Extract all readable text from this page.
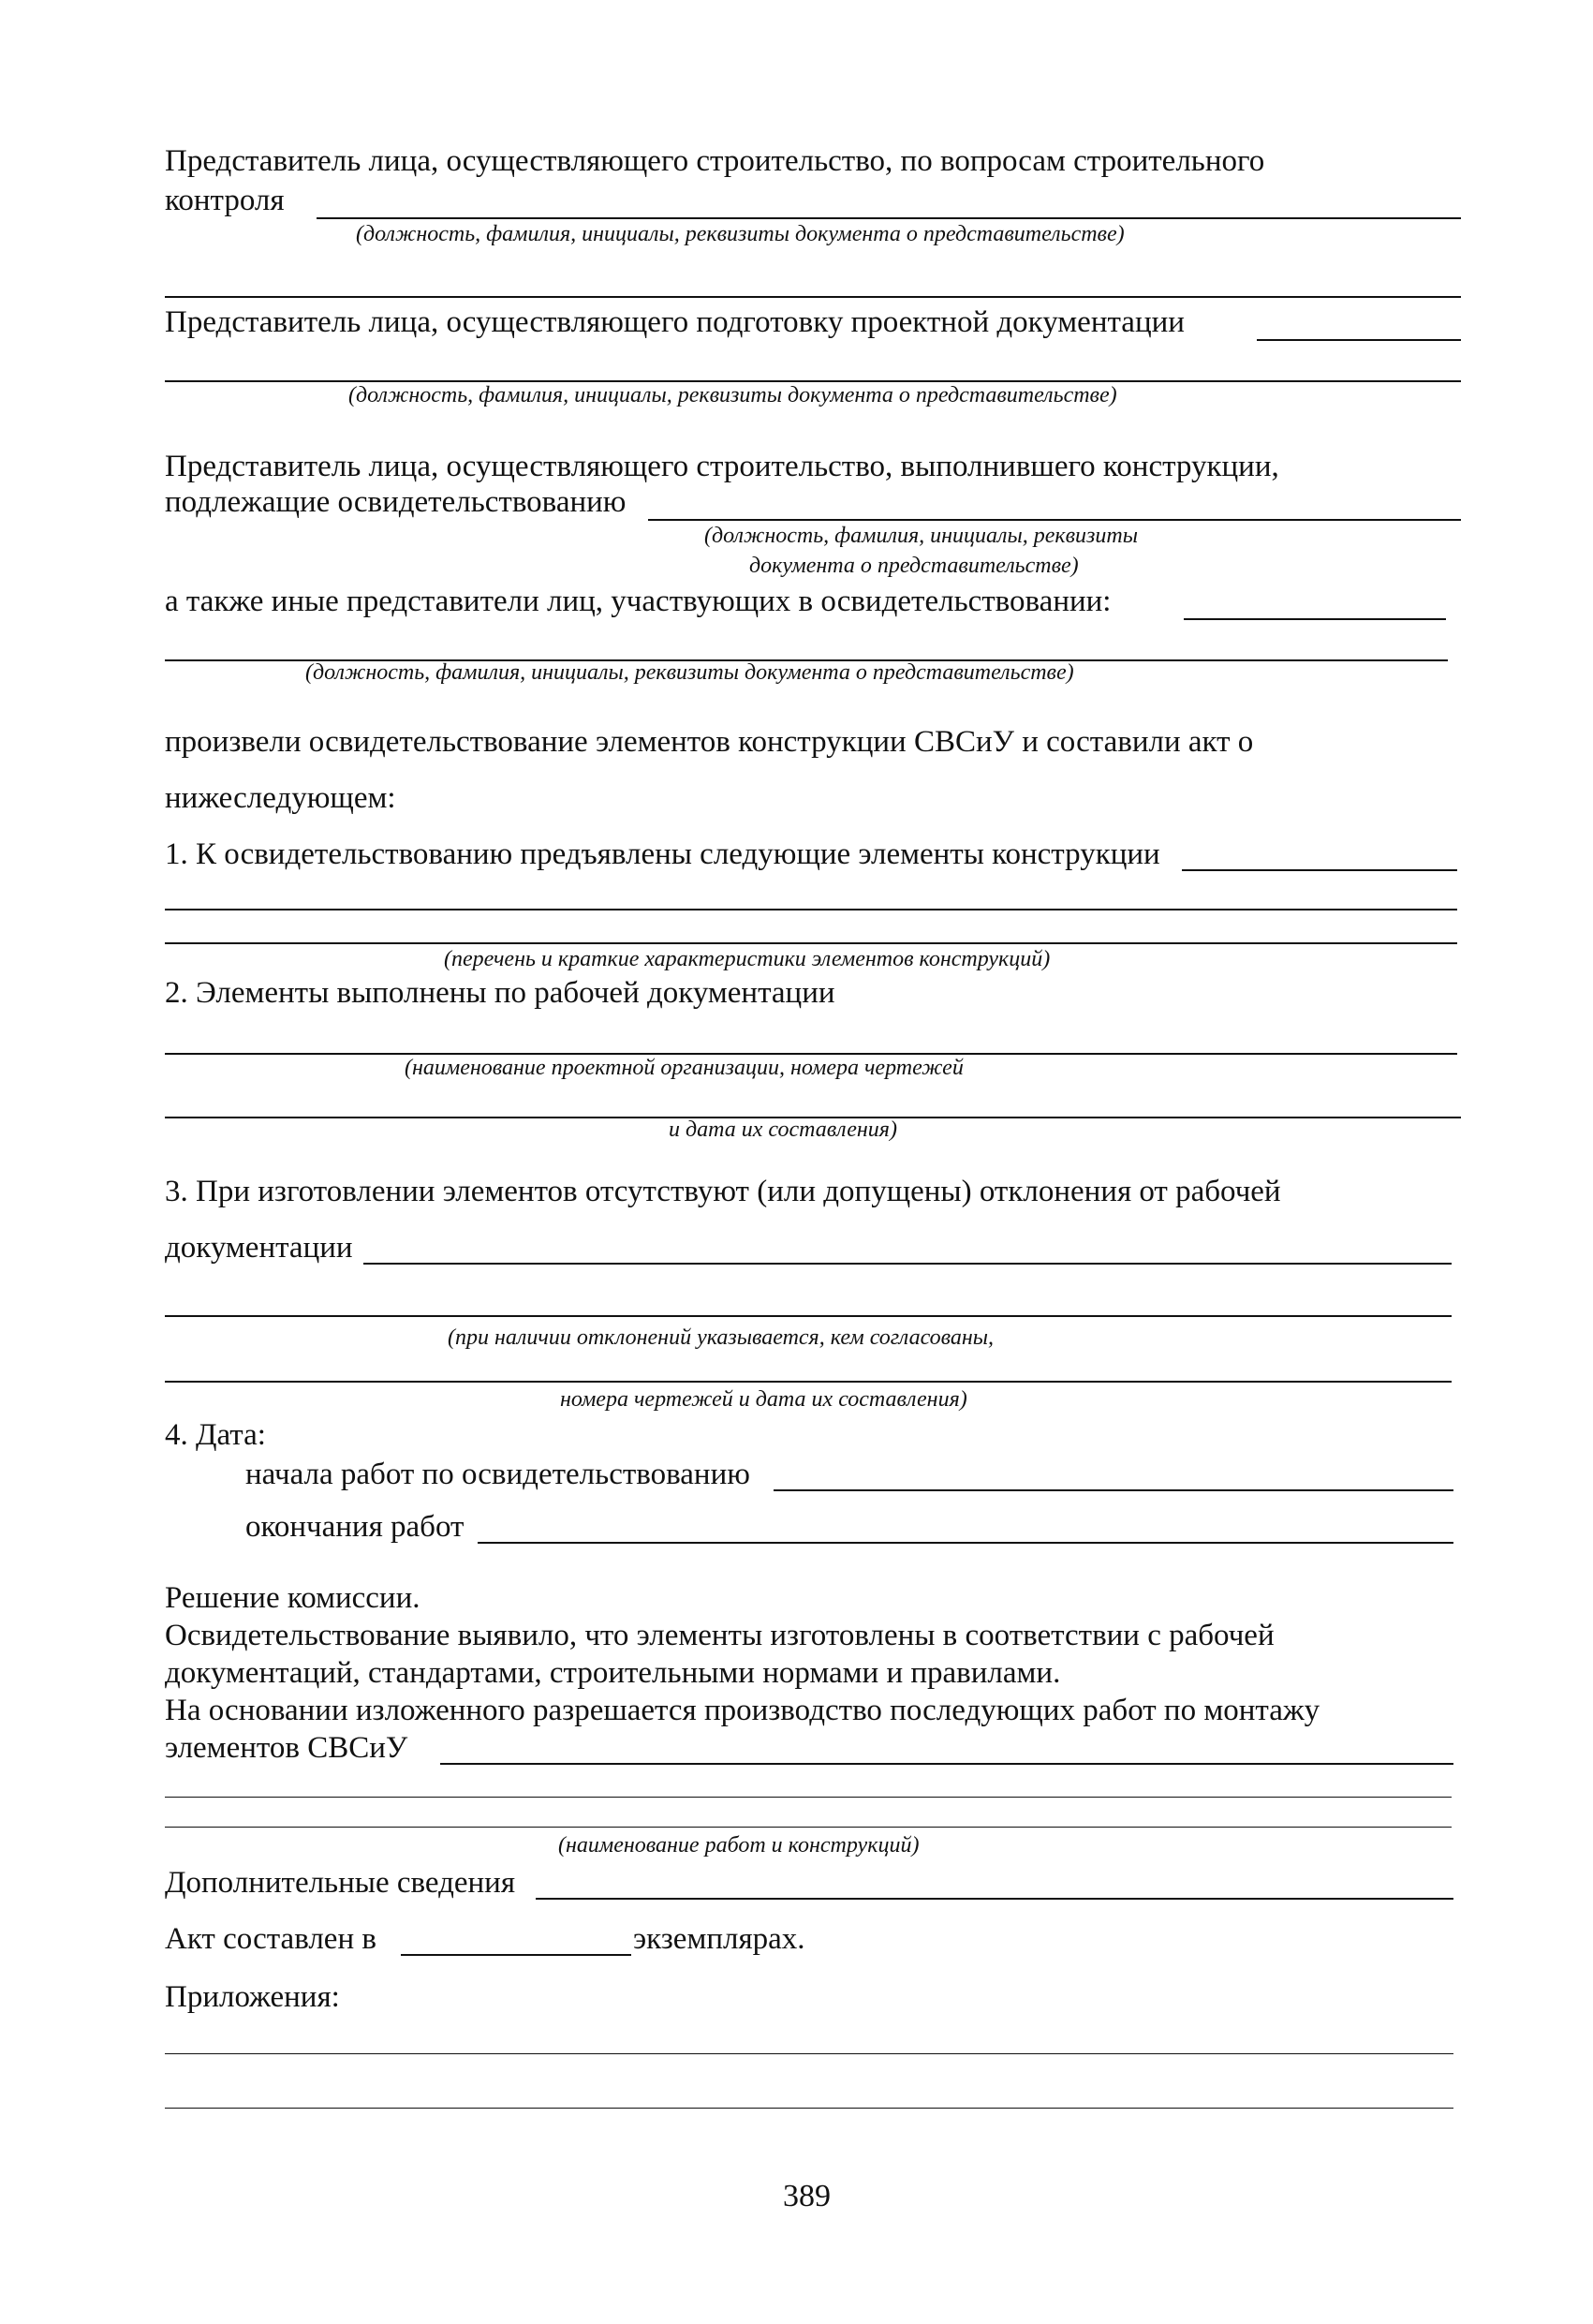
Представитель лица, осуществляющего строительство, по вопросам строительного
контроля
(должность, фамилия, инициалы, реквизиты документа о представительстве)
Представитель лица, осуществляющего подготовку проектной документации
(должность, фамилия, инициалы, реквизиты документа о представительстве)
Представитель лица, осуществляющего строительство, выполнившего конструкции,
подлежащие освидетельствованию
(должность, фамилия, инициалы, реквизиты
документа о представительстве)
а также иные представители лиц, участвующих в освидетельствовании:
(должность, фамилия, инициалы, реквизиты документа о представительстве)
произвели освидетельствование элементов конструкции СВСиУ и составили акт о
нижеследующем:
1. К освидетельствованию предъявлены следующие элементы конструкции
(перечень и краткие характеристики элементов конструкций)
2. Элементы выполнены по рабочей документации
(наименование проектной организации, номера чертежей
и дата их составления)
3. При изготовлении элементов отсутствуют (или допущены) отклонения от рабочей
документации
(при наличии отклонений указывается, кем согласованы,
номера чертежей и дата их составления)
4. Дата:
начала работ по освидетельствованию
окончания работ
Решение комиссии.
Освидетельствование выявило, что элементы изготовлены в соответствии с рабочей
документаций, стандартами, строительными нормами и правилами.
На основании изложенного разрешается производство последующих работ по монтажу
элементов СВСиУ
(наименование работ и конструкций)
Дополнительные сведения
Акт составлен в	экземплярах.
Приложения:
389
